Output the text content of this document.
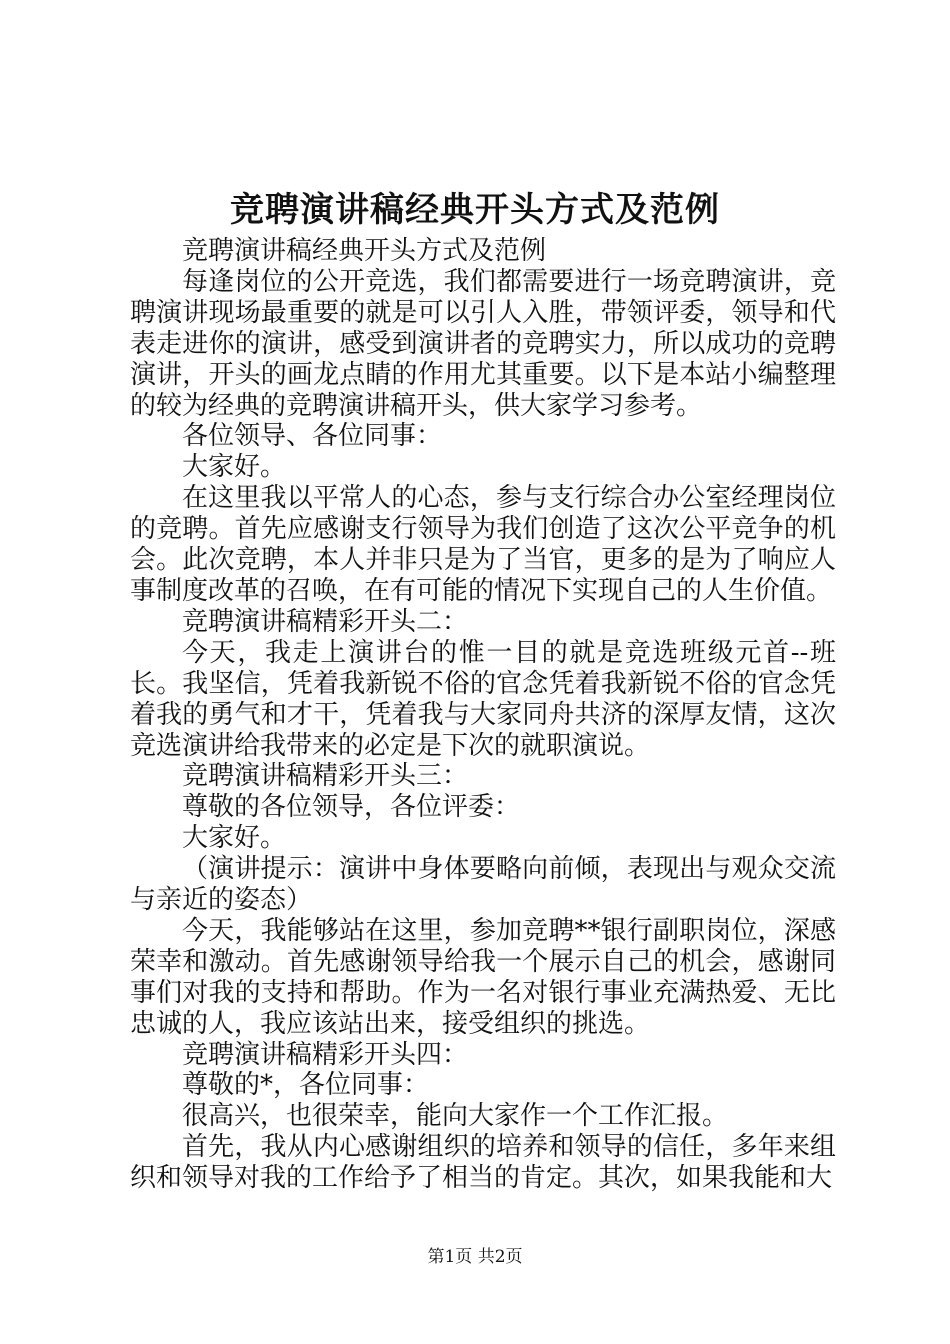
竞聘演讲稿经典开头方式及范例

竞聘演讲稿经典开头方式及范例

每逢岗位的公开竞选，我们都需要进行一场竞聘演讲，竞聘演讲现场最重要的就是可以引人入胜，带领评委，领导和代表走进你的演讲，感受到演讲者的竞聘实力，所以成功的竞聘演讲，开头的画龙点睛的作用尤其重要。以下是本站小编整理的较为经典的竞聘演讲稿开头，供大家学习参考。

各位领导、各位同事：

大家好。

在这里我以平常人的心态，参与支行综合办公室经理岗位的竞聘。首先应感谢支行领导为我们创造了这次公平竞争的机会。此次竞聘，本人并非只是为了当官，更多的是为了响应人事制度改革的召唤，在有可能的情况下实现自己的人生价值。

竞聘演讲稿精彩开头二：

今天，我走上演讲台的惟一目的就是竞选班级元首--班长。我坚信，凭着我新锐不俗的官念凭着我新锐不俗的官念凭着我的勇气和才干，凭着我与大家同舟共济的深厚友情，这次竞选演讲给我带来的必定是下次的就职演说。

竞聘演讲稿精彩开头三：

尊敬的各位领导，各位评委：

大家好。

（演讲提示：演讲中身体要略向前倾，表现出与观众交流与亲近的姿态）

今天，我能够站在这里，参加竞聘**银行副职岗位，深感荣幸和激动。首先感谢领导给我一个展示自己的机会，感谢同事们对我的支持和帮助。作为一名对银行事业充满热爱、无比忠诚的人，我应该站出来，接受组织的挑选。

竞聘演讲稿精彩开头四：

尊敬的*，各位同事：

很高兴，也很荣幸，能向大家作一个工作汇报。

首先，我从内心感谢组织的培养和领导的信任，多年来组织和领导对我的工作给予了相当的肯定。其次，如果我能和大

第1页 共2页
